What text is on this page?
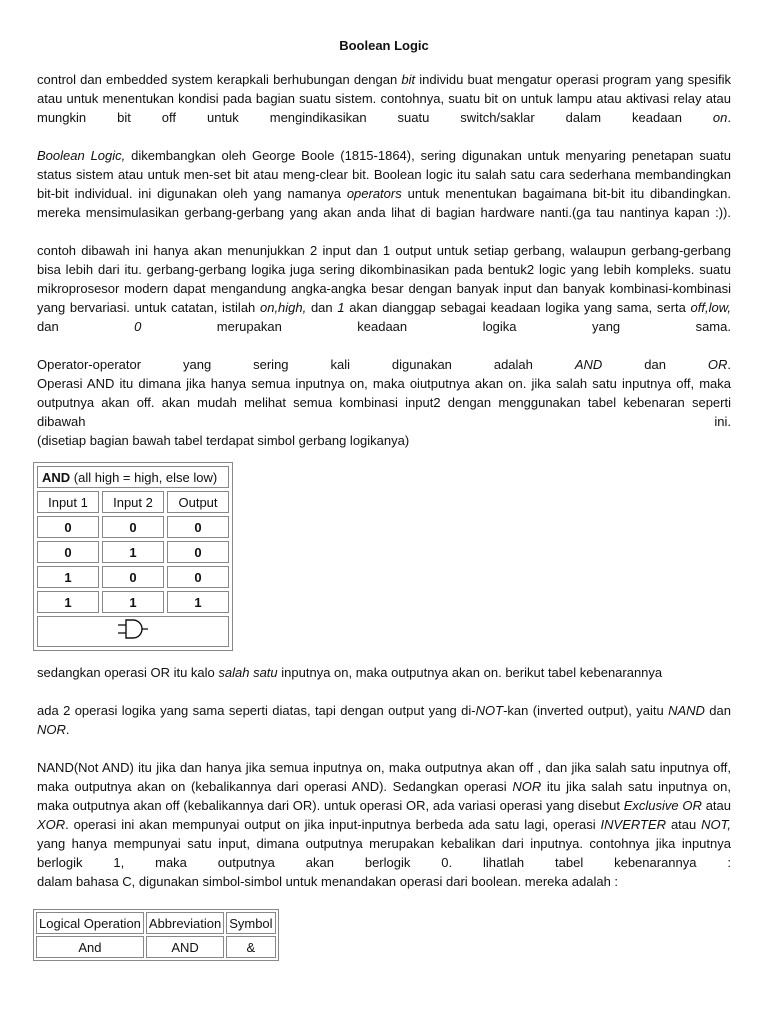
Boolean Logic

control dan embedded system kerapkali berhubungan dengan bit individu buat mengatur operasi program yang spesifik atau untuk menentukan kondisi pada bagian suatu sistem. contohnya, suatu bit on untuk lampu atau aktivasi relay atau mungkin bit off untuk mengindikasikan suatu switch/saklar dalam keadaan on.

Boolean Logic, dikembangkan oleh George Boole (1815-1864), sering digunakan untuk menyaring penetapan suatu status sistem atau untuk men-set bit atau meng-clear bit. Boolean logic itu salah satu cara sederhana membandingkan bit-bit individual. ini digunakan oleh yang namanya operators untuk menentukan bagaimana bit-bit itu dibandingkan. mereka mensimulasikan gerbang-gerbang yang akan anda lihat di bagian hardware nanti.(ga tau nantinya kapan :)).

contoh dibawah ini hanya akan menunjukkan 2 input dan 1 output untuk setiap gerbang, walaupun gerbang-gerbang bisa lebih dari itu. gerbang-gerbang logika juga sering dikombinasikan pada bentuk2 logic yang lebih kompleks. suatu mikroprosesor modern dapat mengandung angka-angka besar dengan banyak input dan banyak kombinasi-kombinasi yang bervariasi. untuk catatan, istilah on,high, dan 1 akan dianggap sebagai keadaan logika yang sama, serta off,low, dan 0 merupakan keadaan logika yang sama.

Operator-operator yang sering kali digunakan adalah AND dan OR.

Operasi AND itu dimana jika hanya semua inputnya on, maka oiutputnya akan on. jika salah satu inputnya off, maka outputnya akan off. akan mudah melihat semua kombinasi input2 dengan menggunakan tabel kebenaran seperti dibawah ini.

(disetiap bagian bawah tabel terdapat simbol gerbang logikanya)

AND (all high = high, else low)		
Input 1	Input 2	Output
0	0	0
0	1	0
1	0	0
1	1	1

sedangkan operasi OR itu kalo salah satu inputnya on, maka outputnya akan on. berikut tabel kebenarannya

ada 2 operasi logika yang sama seperti diatas, tapi dengan output yang di-NOT-kan (inverted output), yaitu NAND dan NOR.

NAND(Not AND) itu jika dan hanya jika semua inputnya on, maka outputnya akan off , dan jika salah satu inputnya off, maka outputnya akan on (kebalikannya dari operasi AND). Sedangkan operasi NOR itu jika salah satu inputnya on, maka outputnya akan off (kebalikannya dari OR). untuk operasi OR, ada variasi operasi yang disebut Exclusive OR atau XOR. operasi ini akan mempunyai output on jika input-inputnya berbeda ada satu lagi, operasi INVERTER atau NOT, yang hanya mempunyai satu input, dimana outputnya merupakan kebalikan dari inputnya. contohnya jika inputnya berlogik 1, maka outputnya akan berlogik 0. lihatlah tabel kebenarannya :

dalam bahasa C, digunakan simbol-simbol untuk menandakan operasi dari boolean. mereka adalah :

Logical Operation	Abbreviation	Symbol
And	AND	&
